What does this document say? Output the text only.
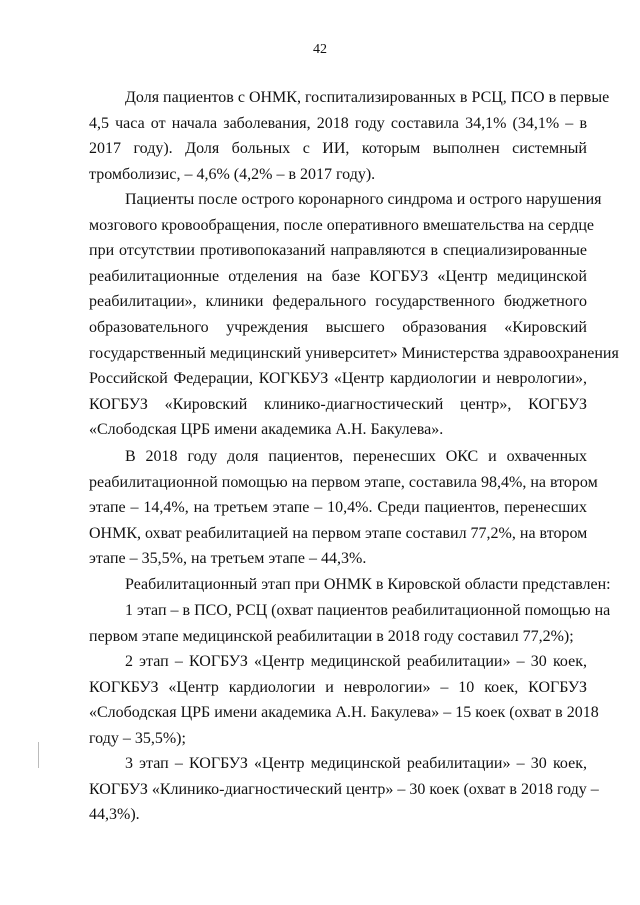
42
Доля пациентов с ОНМК, госпитализированных в РСЦ, ПСО в первые
4,5 часа от начала заболевания, 2018 году составила 34,1% (34,1% – в
2017 году). Доля больных с ИИ, которым выполнен системный
тромболизис, – 4,6% (4,2% – в 2017 году).
Пациенты после острого коронарного синдрома и острого нарушения
мозгового кровообращения, после оперативного вмешательства на сердце
при отсутствии противопоказаний направляются в специализированные
реабилитационные отделения на базе КОГБУЗ «Центр медицинской
реабилитации», клиники федерального государственного бюджетного
образовательного учреждения высшего образования «Кировский
государственный медицинский университет» Министерства здравоохранения
Российской Федерации, КОГКБУЗ «Центр кардиологии и неврологии»,
КОГБУЗ «Кировский клинико-диагностический центр», КОГБУЗ
«Слободская ЦРБ имени академика А.Н. Бакулева».
В 2018 году доля пациентов, перенесших ОКС и охваченных
реабилитационной помощью на первом этапе, составила 98,4%, на втором
этапе – 14,4%, на третьем этапе – 10,4%. Среди пациентов, перенесших
ОНМК, охват реабилитацией на первом этапе составил 77,2%, на втором
этапе – 35,5%, на третьем этапе – 44,3%.
Реабилитационный этап при ОНМК в Кировской области представлен:
1 этап – в ПСО, РСЦ (охват пациентов реабилитационной помощью на
первом этапе медицинской реабилитации в 2018 году составил 77,2%);
2 этап – КОГБУЗ «Центр медицинской реабилитации» – 30 коек,
КОГКБУЗ «Центр кардиологии и неврологии» – 10 коек, КОГБУЗ
«Слободская ЦРБ имени академика А.Н. Бакулева» – 15 коек (охват в 2018
году – 35,5%);
3 этап – КОГБУЗ «Центр медицинской реабилитации» – 30 коек,
КОГБУЗ «Клинико-диагностический центр» – 30 коек (охват в 2018 году –
44,3%).
